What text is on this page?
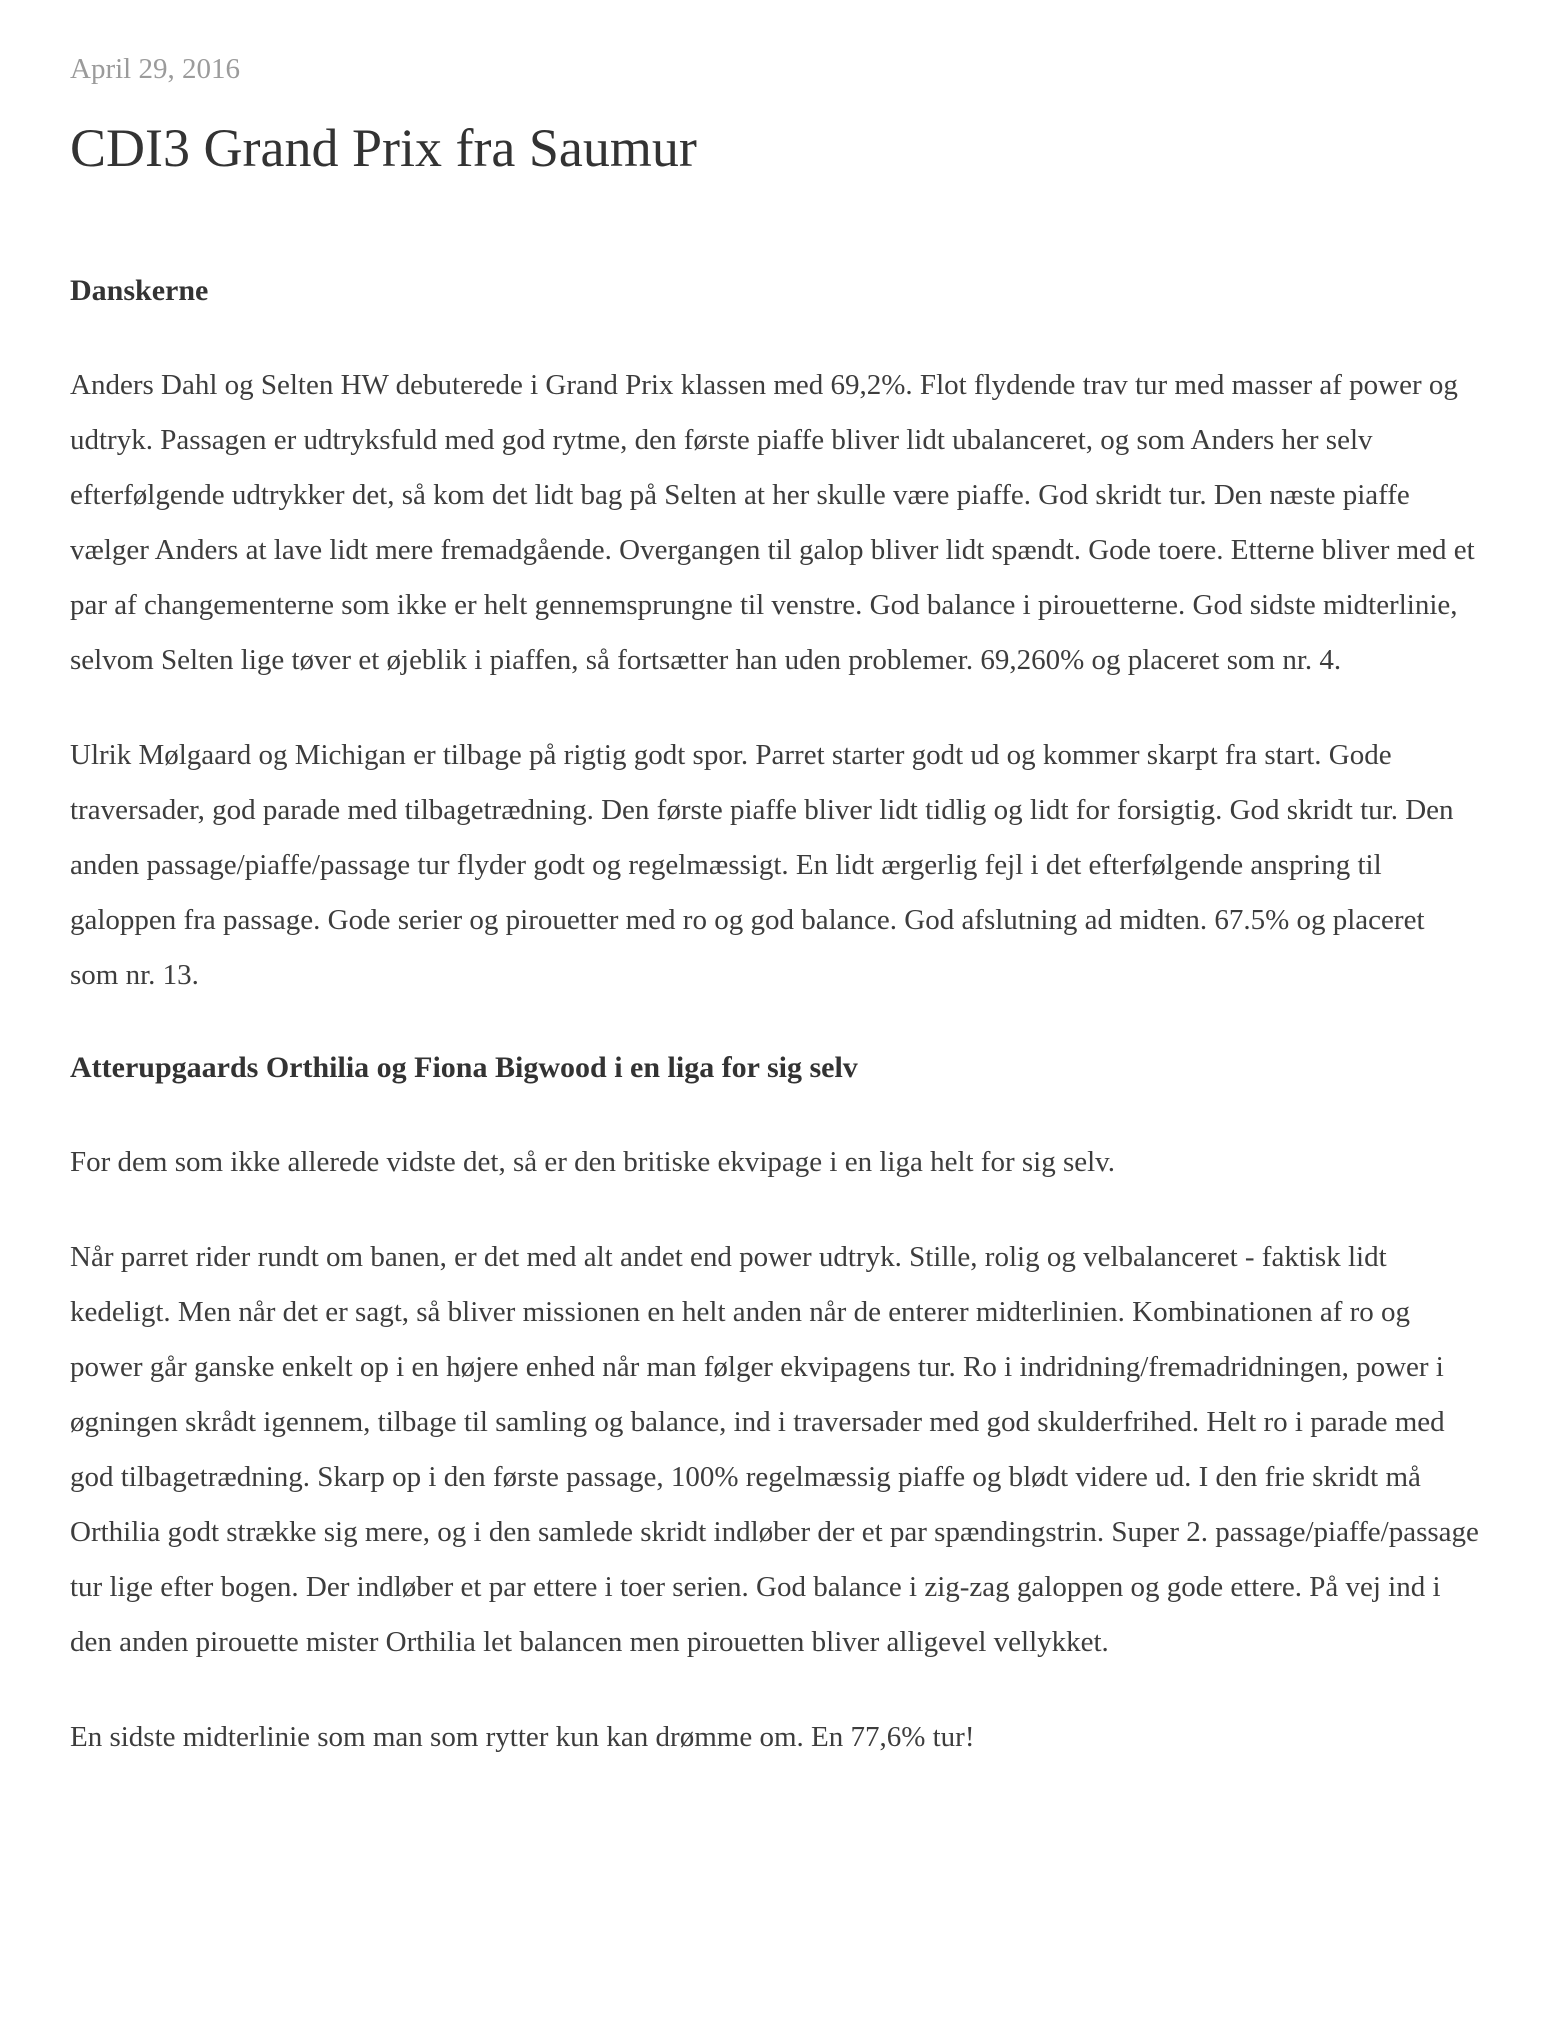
April 29, 2016
CDI3 Grand Prix fra Saumur
Danskerne

Anders Dahl og Selten HW debuterede i Grand Prix klassen med 69,2%. Flot flydende trav tur med masser af power og udtryk. Passagen er udtryksfuld med god rytme, den første piaffe bliver lidt ubalanceret, og som Anders her selv efterfølgende udtrykker det, så kom det lidt bag på Selten at her skulle være piaffe. God skridt tur. Den næste piaffe vælger Anders at lave lidt mere fremadgående. Overgangen til galop bliver lidt spændt. Gode toere. Etterne bliver med et par af changementerne som ikke er helt gennemsprungne til venstre. God balance i pirouetterne. God sidste midterlinie, selvom Selten lige tøver et øjeblik i piaffen, så fortsætter han uden problemer. 69,260% og placeret som nr. 4.

Ulrik Mølgaard og Michigan er tilbage på rigtig godt spor. Parret starter godt ud og kommer skarpt fra start. Gode traversader, god parade med tilbagetrædning. Den første piaffe bliver lidt tidlig og lidt for forsigtig. God skridt tur. Den anden passage/piaffe/passage tur flyder godt og regelmæssigt. En lidt ærgerlig fejl i det efterfølgende anspring til galoppen fra passage. Gode serier og pirouetter med ro og god balance. God afslutning ad midten. 67.5% og placeret som nr. 13.

Atterupgaards Orthilia og Fiona Bigwood i en liga for sig selv

For dem som ikke allerede vidste det, så er den britiske ekvipage i en liga helt for sig selv.

Når parret rider rundt om banen, er det med alt andet end power udtryk. Stille, rolig og velbalanceret - faktisk lidt kedeligt. Men når det er sagt, så bliver missionen en helt anden når de enterer midterlinien. Kombinationen af ro og power går ganske enkelt op i en højere enhed når man følger ekvipagens tur. Ro i indridning/fremadridningen, power i øgningen skrådt igennem, tilbage til samling og balance, ind i traversader med god skulderfrihed. Helt ro i parade med god tilbagetrædning. Skarp op i den første passage, 100% regelmæssig piaffe og blødt videre ud. I den frie skridt må Orthilia godt strække sig mere, og i den samlede skridt indløber der et par spændingstrin. Super 2. passage/piaffe/passage tur lige efter bogen. Der indløber et par ettere i toer serien. God balance i zig-zag galoppen og gode ettere. På vej ind i den anden pirouette mister Orthilia let balancen men pirouetten bliver alligevel vellykket.

En sidste midterlinie som man som rytter kun kan drømme om. En 77,6% tur!
